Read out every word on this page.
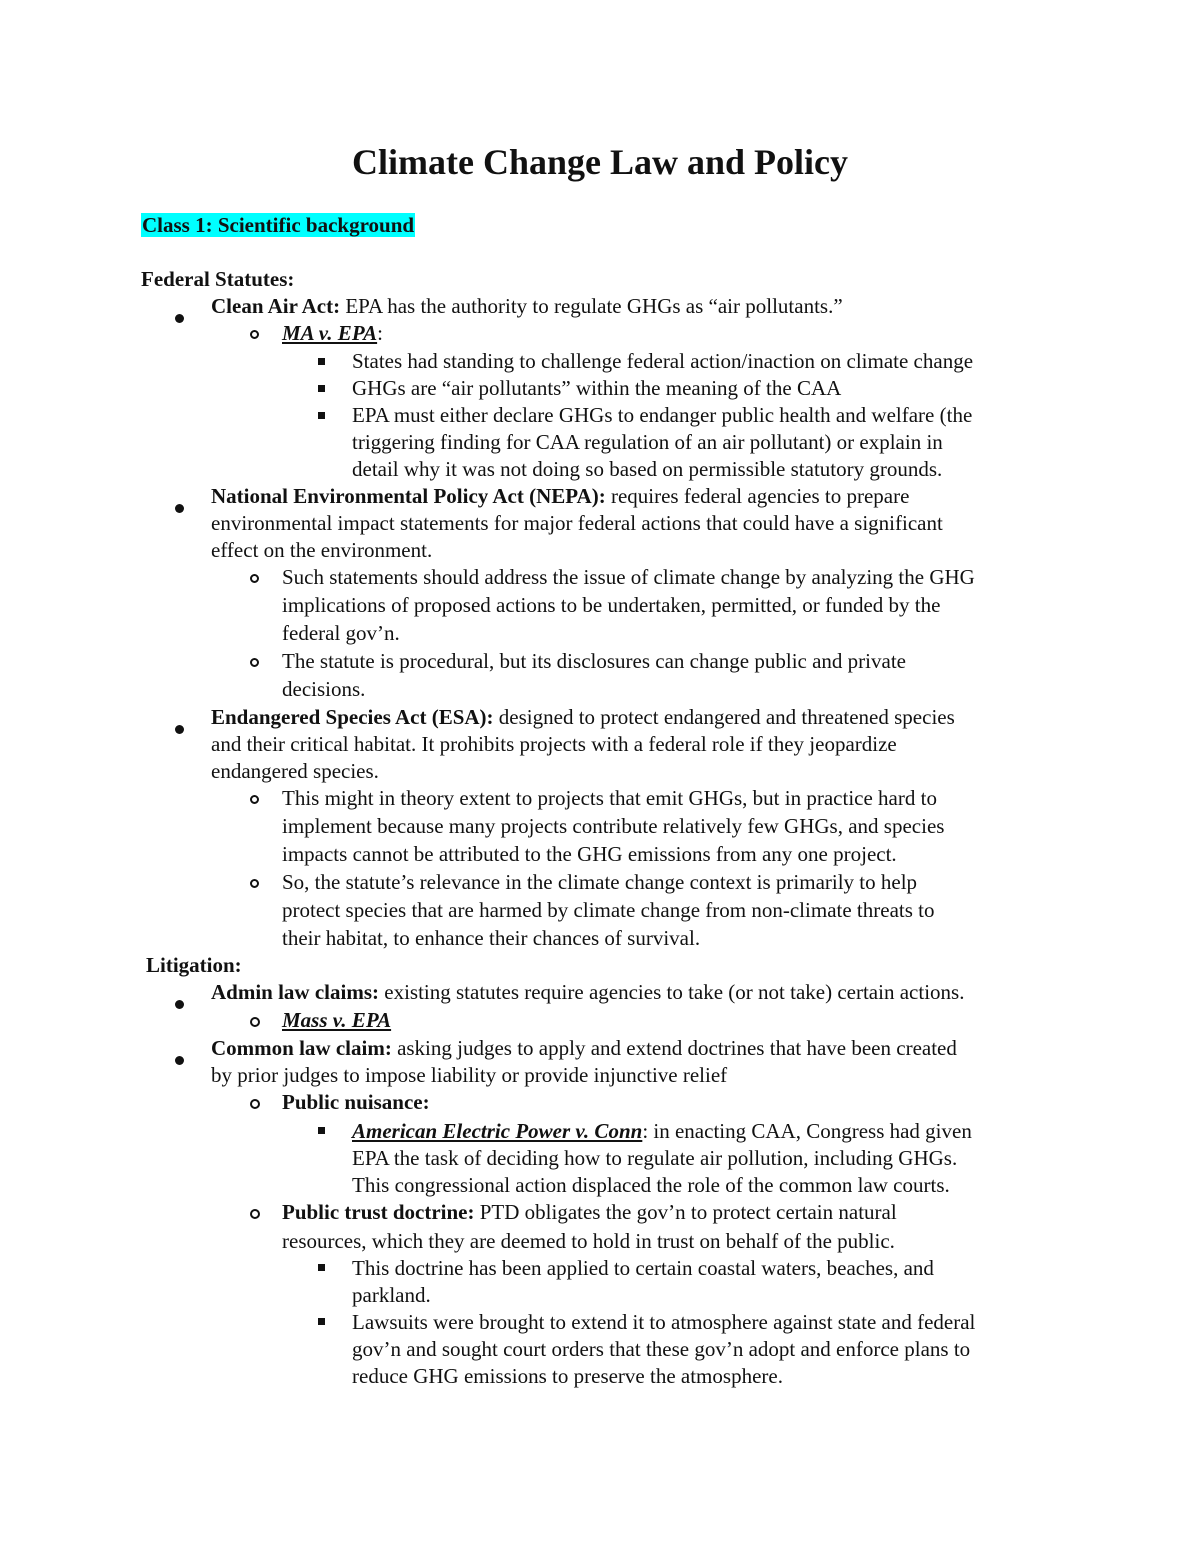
Climate Change Law and Policy
Class 1: Scientific background
Federal Statutes:
Clean Air Act: EPA has the authority to regulate GHGs as “air pollutants.”
MA v. EPA:
States had standing to challenge federal action/inaction on climate change
GHGs are “air pollutants” within the meaning of the CAA
EPA must either declare GHGs to endanger public health and welfare (the
triggering finding for CAA regulation of an air pollutant) or explain in
detail why it was not doing so based on permissible statutory grounds.
National Environmental Policy Act (NEPA): requires federal agencies to prepare
environmental impact statements for major federal actions that could have a significant
effect on the environment.
Such statements should address the issue of climate change by analyzing the GHG
implications of proposed actions to be undertaken, permitted, or funded by the
federal gov’n.
The statute is procedural, but its disclosures can change public and private
decisions.
Endangered Species Act (ESA): designed to protect endangered and threatened species
and their critical habitat. It prohibits projects with a federal role if they jeopardize
endangered species.
This might in theory extent to projects that emit GHGs, but in practice hard to
implement because many projects contribute relatively few GHGs, and species
impacts cannot be attributed to the GHG emissions from any one project.
So, the statute’s relevance in the climate change context is primarily to help
protect species that are harmed by climate change from non-climate threats to
their habitat, to enhance their chances of survival.
Litigation:
Admin law claims: existing statutes require agencies to take (or not take) certain actions.
Mass v. EPA
Common law claim: asking judges to apply and extend doctrines that have been created
by prior judges to impose liability or provide injunctive relief
Public nuisance:
American Electric Power v. Conn: in enacting CAA, Congress had given
EPA the task of deciding how to regulate air pollution, including GHGs.
This congressional action displaced the role of the common law courts.
Public trust doctrine: PTD obligates the gov’n to protect certain natural
resources, which they are deemed to hold in trust on behalf of the public.
This doctrine has been applied to certain coastal waters, beaches, and
parkland.
Lawsuits were brought to extend it to atmosphere against state and federal
gov’n and sought court orders that these gov’n adopt and enforce plans to
reduce GHG emissions to preserve the atmosphere.
